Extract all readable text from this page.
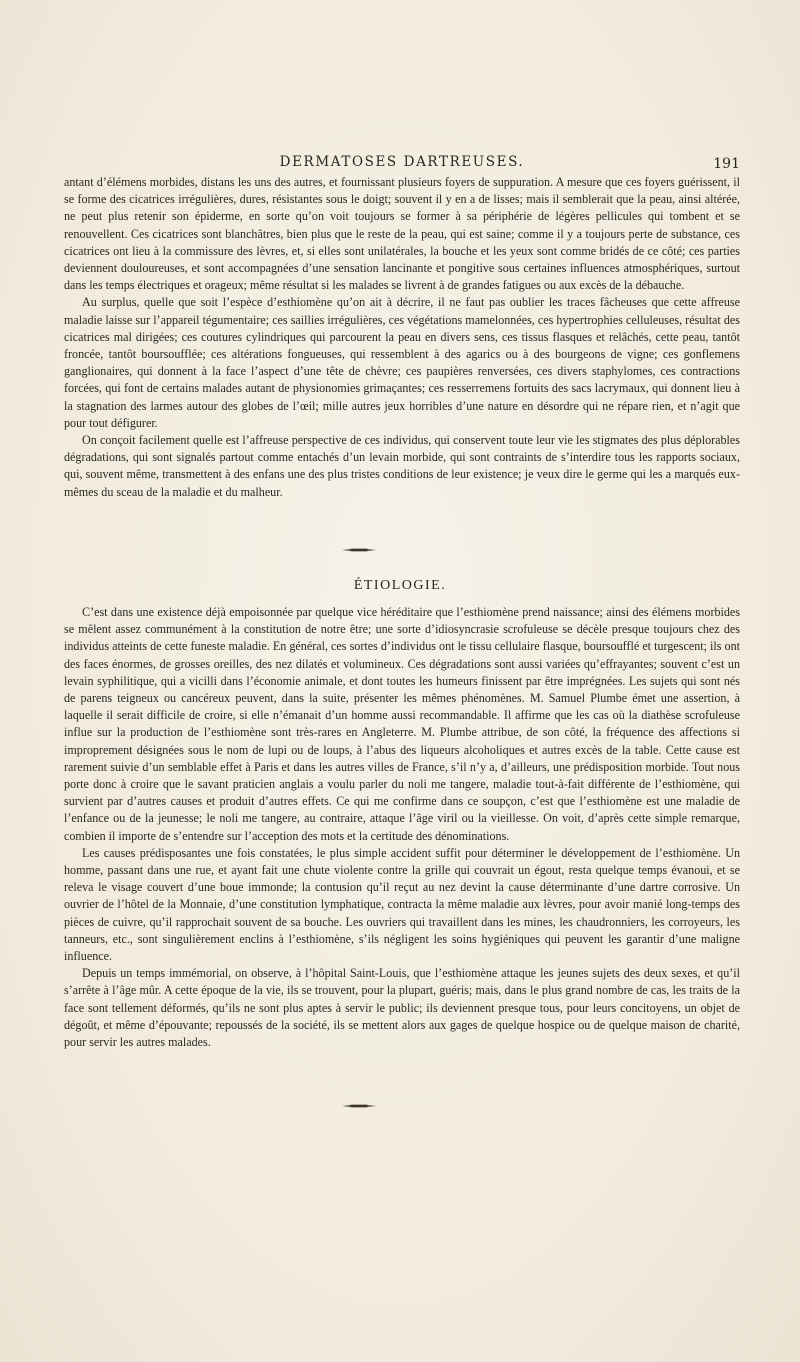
DERMATOSES DARTREUSES.	191

antant d’élémens morbides, distans les uns des autres, et fournissant plusieurs foyers de suppuration. A mesure que ces foyers guérissent, il se forme des cicatrices irrégulières, dures, résistantes sous le doigt; souvent il y en a de lisses; mais il semblerait que la peau, ainsi altérée, ne peut plus retenir son épiderme, en sorte qu’on voit toujours se former à sa périphérie de légères pellicules qui tombent et se renouvellent. Ces cicatrices sont blanchâtres, bien plus que le reste de la peau, qui est saine; comme il y a toujours perte de substance, ces cicatrices ont lieu à la commissure des lèvres, et, si elles sont unilatérales, la bouche et les yeux sont comme bridés de ce côté; ces parties deviennent douloureuses, et sont accompagnées d’une sensation lancinante et pongitive sous certaines influences atmosphériques, surtout dans les temps électriques et orageux; même résultat si les malades se livrent à de grandes fatigues ou aux excès de la débauche.

Au surplus, quelle que soit l’espèce d’esthiomène qu’on ait à décrire, il ne faut pas oublier les traces fâcheuses que cette affreuse maladie laisse sur l’appareil tégumentaire; ces saillies irrégulières, ces végétations mamelonnées, ces hypertrophies celluleuses, résultat des cicatrices mal dirigées; ces coutures cylindriques qui parcourent la peau en divers sens, ces tissus flasques et relâchés, cette peau, tantôt froncée, tantôt boursoufflée; ces altérations fongueuses, qui ressemblent à des agarics ou à des bourgeons de vigne; ces gonflemens ganglionaires, qui donnent à la face l’aspect d’une tête de chèvre; ces paupières renversées, ces divers staphylomes, ces contractions forcées, qui font de certains malades autant de physionomies grimaçantes; ces resserremens fortuits des sacs lacrymaux, qui donnent lieu à la stagnation des larmes autour des globes de l’œil; mille autres jeux horribles d’une nature en désordre qui ne répare rien, et n’agit que pour tout défigurer.

On conçoit facilement quelle est l’affreuse perspective de ces individus, qui conservent toute leur vie les stigmates des plus déplorables dégradations, qui sont signalés partout comme entachés d’un levain morbide, qui sont contraints de s’interdire tous les rapports sociaux, qui, souvent même, transmettent à des enfans une des plus tristes conditions de leur existence; je veux dire le germe qui les a marqués eux-mêmes du sceau de la maladie et du malheur.

ÉTIOLOGIE.

C’est dans une existence déjà empoisonnée par quelque vice héréditaire que l’esthiomène prend naissance; ainsi des élémens morbides se mêlent assez communément à la constitution de notre être; une sorte d’idiosyncrasie scrofuleuse se décèle presque toujours chez des individus atteints de cette funeste maladie. En général, ces sortes d’individus ont le tissu cellulaire flasque, boursoufflé et turgescent; ils ont des faces énormes, de grosses oreilles, des nez dilatés et volumineux. Ces dégradations sont aussi variées qu’effrayantes; souvent c’est un levain syphilitique, qui a vicilli dans l’économie animale, et dont toutes les humeurs finissent par être imprégnées. Les sujets qui sont nés de parens teigneux ou cancéreux peuvent, dans la suite, présenter les mêmes phénomènes. M. Samuel Plumbe émet une assertion, à laquelle il serait difficile de croire, si elle n’émanait d’un homme aussi recommandable. Il affirme que les cas où la diathèse scrofuleuse influe sur la production de l’esthiomène sont très-rares en Angleterre. M. Plumbe attribue, de son côté, la fréquence des affections si improprement désignées sous le nom de lupi ou de loups, à l’abus des liqueurs alcoholiques et autres excès de la table. Cette cause est rarement suivie d’un semblable effet à Paris et dans les autres villes de France, s’il n’y a, d’ailleurs, une prédisposition morbide. Tout nous porte donc à croire que le savant praticien anglais a voulu parler du noli me tangere, maladie tout-à-fait différente de l’esthiomène, qui survient par d’autres causes et produit d’autres effets. Ce qui me confirme dans ce soupçon, c’est que l’esthiomène est une maladie de l’enfance ou de la jeunesse; le noli me tangere, au contraire, attaque l’âge viril ou la vieillesse. On voit, d’après cette simple remarque, combien il importe de s’entendre sur l’acception des mots et la certitude des dénominations.

Les causes prédisposantes une fois constatées, le plus simple accident suffit pour déterminer le développement de l’esthiomène. Un homme, passant dans une rue, et ayant fait une chute violente contre la grille qui couvrait un égout, resta quelque temps évanoui, et se releva le visage couvert d’une boue immonde; la contusion qu’il reçut au nez devint la cause déterminante d’une dartre corrosive. Un ouvrier de l’hôtel de la Monnaie, d’une constitution lymphatique, contracta la même maladie aux lèvres, pour avoir manié long-temps des pièces de cuivre, qu’il rapprochait souvent de sa bouche. Les ouvriers qui travaillent dans les mines, les chaudronniers, les corroyeurs, les tanneurs, etc., sont singulièrement enclins à l’esthiomène, s’ils négligent les soins hygiéniques qui peuvent les garantir d’une maligne influence.

Depuis un temps immémorial, on observe, à l’hôpital Saint-Louis, que l’esthiomène attaque les jeunes sujets des deux sexes, et qu’il s’arrête à l’âge mûr. A cette époque de la vie, ils se trouvent, pour la plupart, guéris; mais, dans le plus grand nombre de cas, les traits de la face sont tellement déformés, qu’ils ne sont plus aptes à servir le public; ils deviennent presque tous, pour leurs concitoyens, un objet de dégoût, et même d’épouvante; repoussés de la société, ils se mettent alors aux gages de quelque hospice ou de quelque maison de charité, pour servir les autres malades.
